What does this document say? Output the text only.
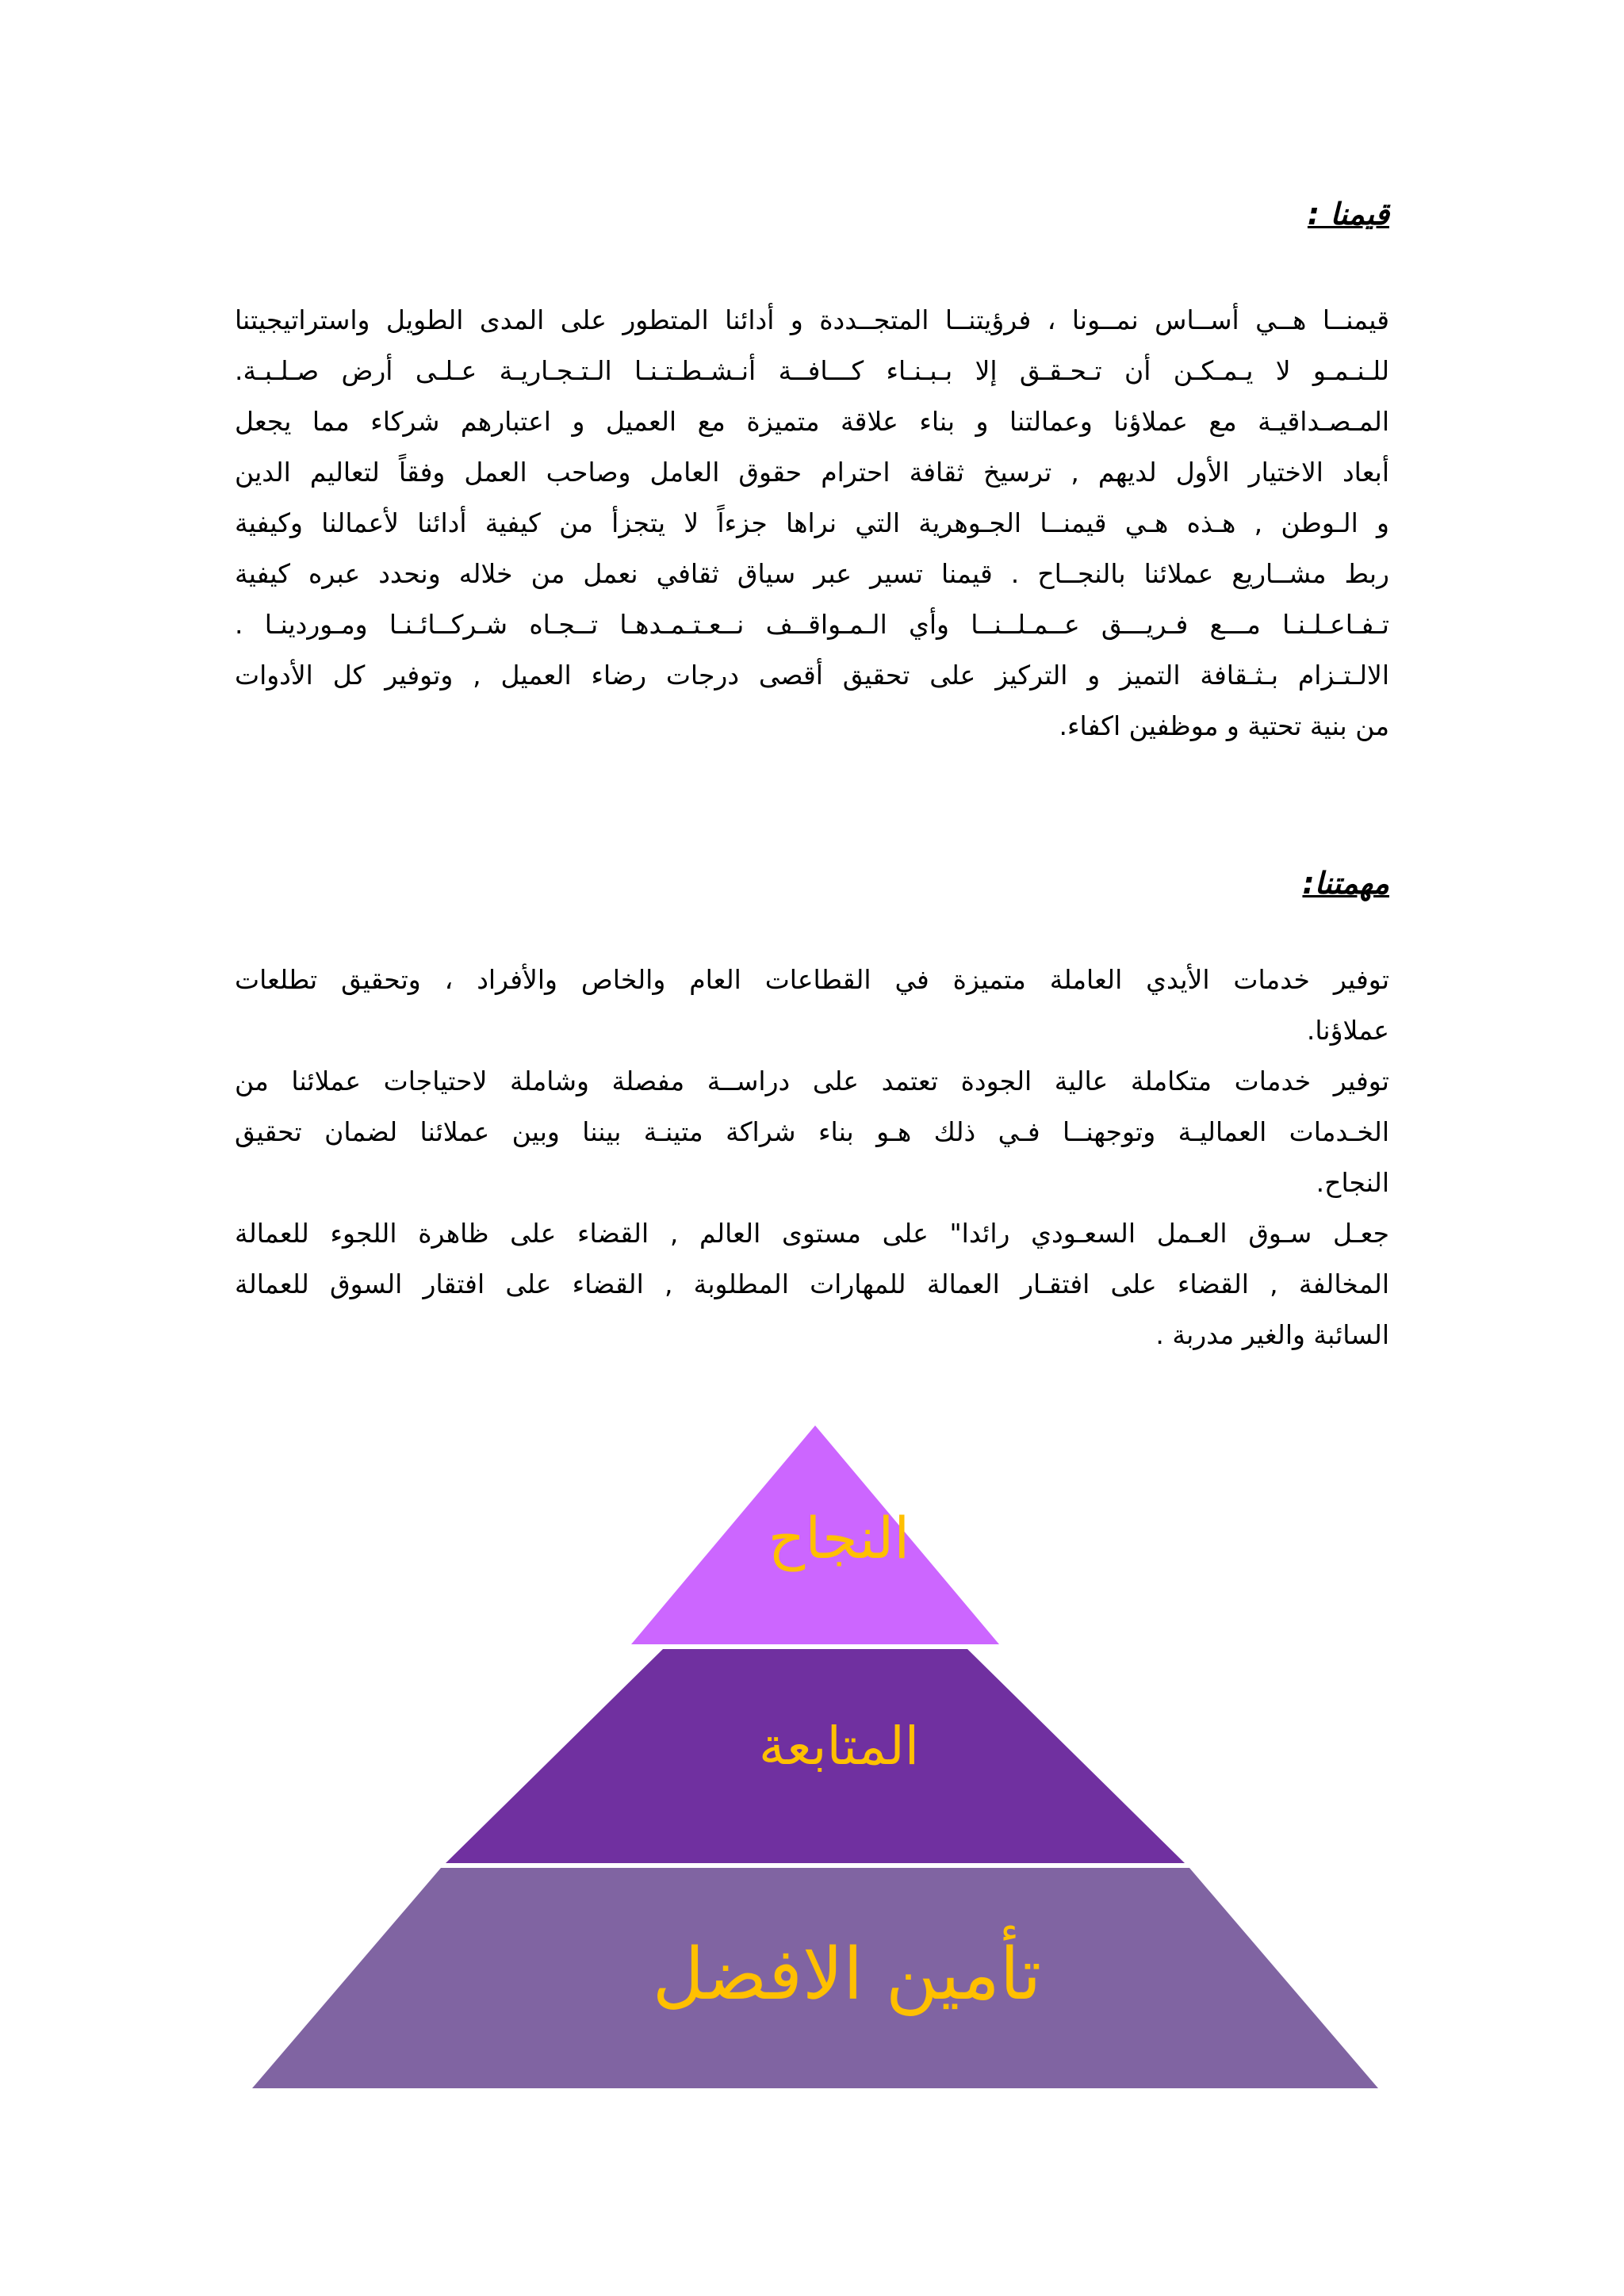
قيمنا :
قيمنــا هــي أســاس نمــونا ، فرؤيتنــا المتجــددة و أدائنا المتطور على المدى الطويل واستراتيجيتنا
للـنـمـو لا يـمـكـن أن تـحـقـق إلا بـبـنـاء كـــافــة أنـشـطـتـنـا الـتـجـاريـة عـلـى أرض صـلـبـة.
المـصـداقيـة مع عملاؤنا وعمالتنا و بناء علاقة متميزة مع العميل و اعتبارهم شركاء مما يجعل
أبعاد الاختيار الأول لديهم , ترسيخ ثقافة احترام حقوق العامل وصاحب العمل وفقاً لتعاليم الدين
و الـوطن , هـذه هـي قيمنــا الجـوهرية التي نراها جزءاً لا يتجزأ من كيفية أدائنا لأعمالنا وكيفية
ربط مشــاريع عملائنا بالنجــاح . قيمنا تسير عبر سياق ثقافي نعمل من خلاله ونحدد عبره كيفية
تـفـاعـلـنـا مـــع فـريـــق عــمـلــنــا وأي الـمـواقــف نــعـتـمـدهـا تــجـاه شـركــائـنـا ومـوردينـا .
الالـتـزام بـثـقافة التميز و التركيز على تحقيق أقصى درجات رضاء العميل , وتوفير كل الأدوات
من بنية تحتية و موظفين اكفاء.
مهمتنا:
توفير خدمات الأيدي العاملة متميزة في القطاعات العام والخاص والأفراد ، وتحقيق تطلعات
عملاؤنا.
توفير خدمات متكاملة عالية الجودة تعتمد على دراســة مفصلة وشاملة لاحتياجات عملائنا من
الخـدمات العماليـة وتوجهنــا فـي ذلك هـو بناء شراكة متينـة بيننا وبين عملائنا لضمان تحقيق
النجاح.
جعـل سـوق العـمل السعـودي رائدا" على مستوى العالم , القضاء على ظاهرة اللجوء للعمالة
المخالفة , القضاء على افتقـار العمالة للمهارات المطلوبة , القضاء على افتقار السوق للعمالة
السائبة والغير مدربة .
النجاح
المتابعة
تأمين الافضل
